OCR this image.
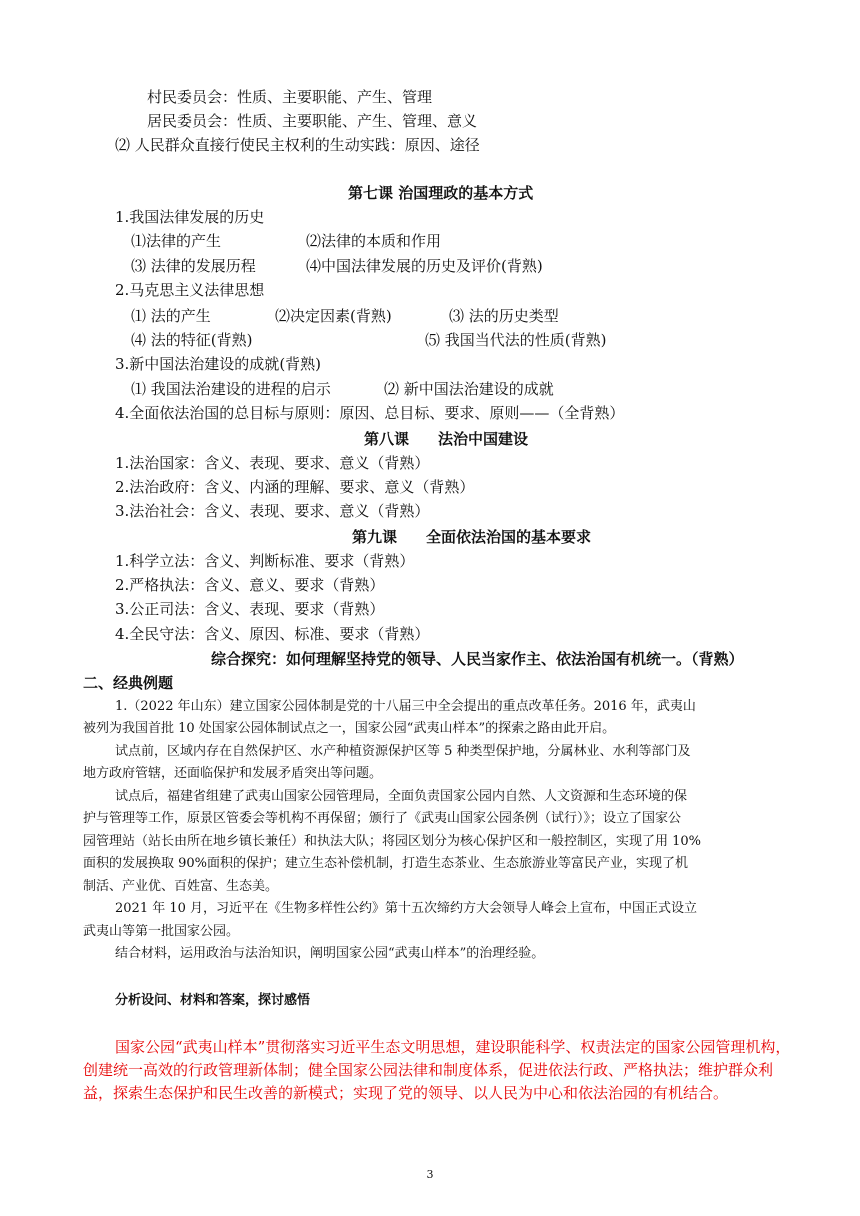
村民委员会：性质、主要职能、产生、管理
居民委员会：性质、主要职能、产生、管理、意义
⑵ 人民群众直接行使民主权利的生动实践：原因、途径
第七课 治国理政的基本方式
1.我国法律发展的历史
⑴法律的产生	⑵法律的本质和作用
⑶ 法律的发展历程	⑷中国法律发展的历史及评价(背熟)
2.马克思主义法律思想
⑴ 法的产生	⑵决定因素(背熟)	⑶ 法的历史类型
⑷ 法的特征(背熟)	⑸ 我国当代法的性质(背熟)
3.新中国法治建设的成就(背熟)
⑴ 我国法治建设的进程的启示	⑵ 新中国法治建设的成就
4.全面依法治国的总目标与原则：原因、总目标、要求、原则——（全背熟）
第八课 法治中国建设
1.法治国家：含义、表现、要求、意义（背熟）
2.法治政府：含义、内涵的理解、要求、意义（背熟）
3.法治社会：含义、表现、要求、意义（背熟）
第九课 全面依法治国的基本要求
1.科学立法：含义、判断标准、要求（背熟）
2.严格执法：含义、意义、要求（背熟）
3.公正司法：含义、表现、要求（背熟）
4.全民守法：含义、原因、标准、要求（背熟）
综合探究：如何理解坚持党的领导、人民当家作主、依法治国有机统一。（背熟）
二、经典例题
1.（2022 年山东）建立国家公园体制是党的十八届三中全会提出的重点改革任务。2016 年，武夷山
被列为我国首批 10 处国家公园体制试点之一，国家公园“武夷山样本”的探索之路由此开启。
试点前，区域内存在自然保护区、水产种植资源保护区等 5 种类型保护地，分属林业、水利等部门及
地方政府管辖，还面临保护和发展矛盾突出等问题。
试点后，福建省组建了武夷山国家公园管理局，全面负责国家公园内自然、人文资源和生态环境的保
护与管理等工作，原景区管委会等机构不再保留；颁行了《武夷山国家公园条例（试行）》；设立了国家公
园管理站（站长由所在地乡镇长兼任）和执法大队；将园区划分为核心保护区和一般控制区，实现了用 10%
面积的发展换取 90%面积的保护；建立生态补偿机制，打造生态茶业、生态旅游业等富民产业，实现了机
制活、产业优、百姓富、生态美。
2021 年 10 月，习近平在《生物多样性公约》第十五次缔约方大会领导人峰会上宣布，中国正式设立
武夷山等第一批国家公园。
结合材料，运用政治与法治知识，阐明国家公园“武夷山样本”的治理经验。
分析设问、材料和答案，探讨感悟
国家公园“武夷山样本”贯彻落实习近平生态文明思想，建设职能科学、权责法定的国家公园管理机构，
创建统一高效的行政管理新体制；健全国家公园法律和制度体系，促进依法行政、严格执法；维护群众利
益，探索生态保护和民生改善的新模式；实现了党的领导、以人民为中心和依法治园的有机结合。
3
